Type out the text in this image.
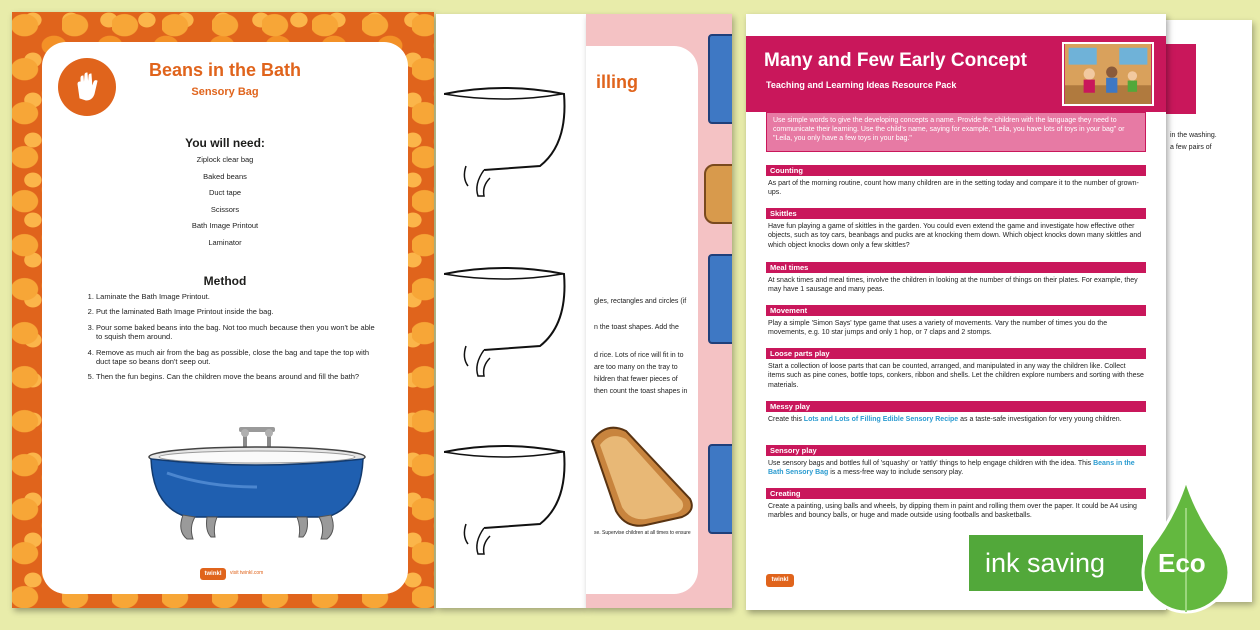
Beans in the Bath
Sensory Bag
You will need:
Ziplock clear bag
Baked beans
Duct tape
Scissors
Bath Image Printout
Laminator
Method
1. Laminate the Bath Image Printout.
2. Put the laminated Bath Image Printout inside the bag.
3. Pour some baked beans into the bag. Not too much because then you won't be able to squish them around.
4. Remove as much air from the bag as possible, close the bag and tape the top with duct tape so beans don't seep out.
5. Then the fun begins. Can the children move the beans around and fill the bath?
twinkl	visit twinkl.com
illing
gles, rectangles and circles (if
n the toast shapes. Add the
d rice. Lots of rice will fit in to
are too many on the tray to
hildren that fewer pieces of
then count the toast shapes in
se. Supervise children at all times to ensure
in the washing.
a few pairs of
Many and Few Early Concept
Teaching and Learning Ideas Resource Pack
Use simple words to give the developing concepts a name. Provide the children with the language they need to communicate their learning. Use the child's name, saying for example, "Leila, you have lots of toys in your bag" or "Leila, you only have a few toys in your bag."
Counting
As part of the morning routine, count how many children are in the setting today and compare it to the number of grown-ups.
Skittles
Have fun playing a game of skittles in the garden. You could even extend the game and investigate how effective other objects, such as toy cars, beanbags and pucks are at knocking them down. Which object knocks down many skittles and which object knocks down only a few skittles?
Meal times
At snack times and meal times, involve the children in looking at the number of things on their plates. For example, they may have 1 sausage and many peas.
Movement
Play a simple 'Simon Says' type game that uses a variety of movements. Vary the number of times you do the movements, e.g. 10 star jumps and only 1 hop, or 7 claps and 2 stomps.
Loose parts play
Start a collection of loose parts that can be counted, arranged, and manipulated in any way the children like. Collect items such as pine cones, bottle tops, conkers, ribbon and shells. Let the children explore numbers and sorting with these materials.
Messy play
Create this Lots and Lots of Filling Edible Sensory Recipe as a taste-safe investigation for very young children.
Sensory play
Use sensory bags and bottles full of 'squashy' or 'rattly' things to help engage children with the idea. This Beans in the Bath Sensory Bag is a mess-free way to include sensory play.
Creating
Create a painting, using balls and wheels, by dipping them in paint and rolling them over the paper. It could be A4 using marbles and bouncy balls, or huge and made outside using footballs and basketballs.
twinkl
ink saving	Eco
